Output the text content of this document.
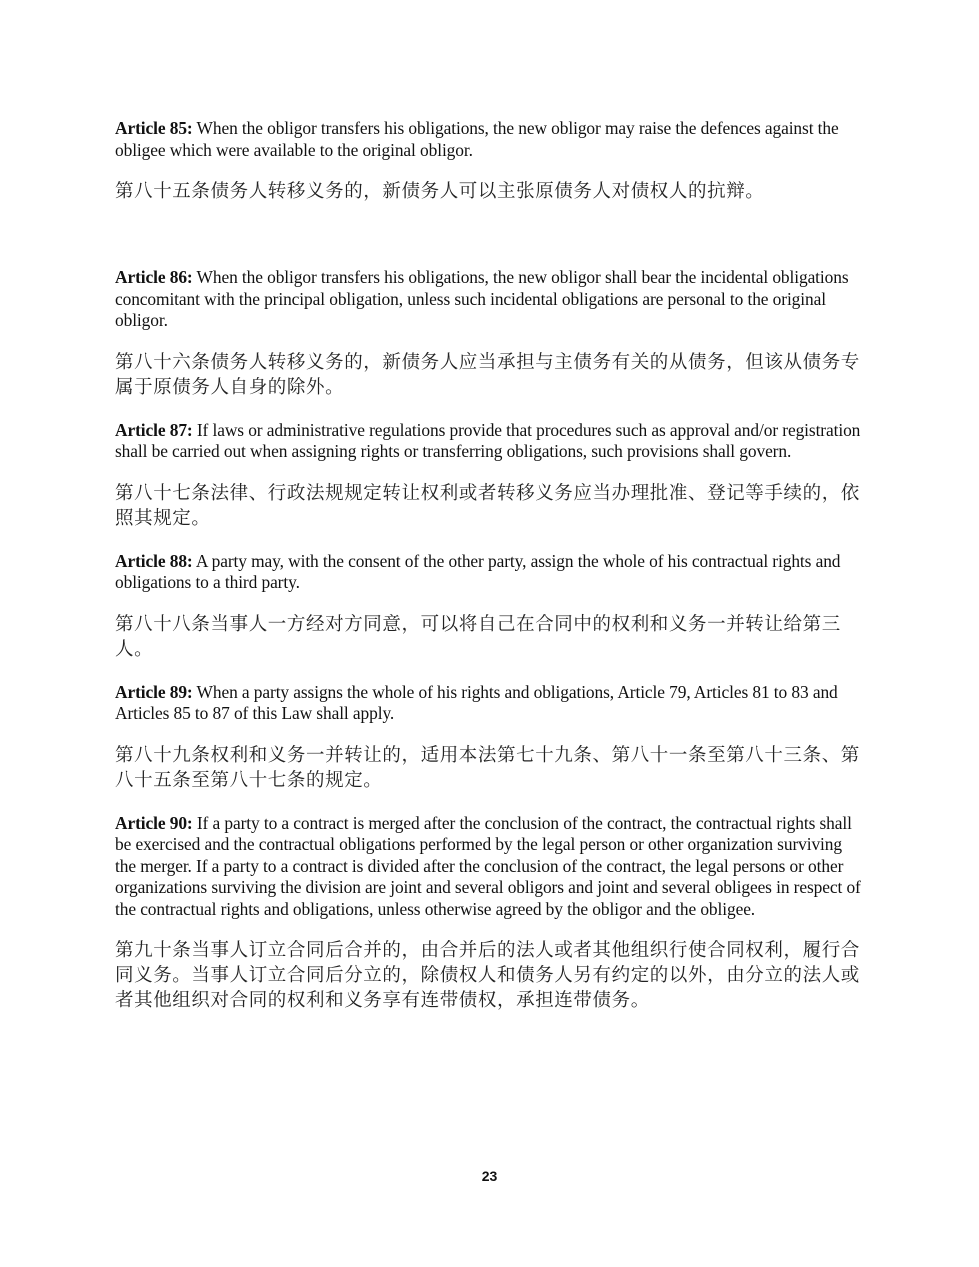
Article 85: When the obligor transfers his obligations, the new obligor may raise the defences against the obligee which were available to the original obligor.

第八十五条债务人转移义务的，新债务人可以主张原债务人对债权人的抗辩。

Article 86: When the obligor transfers his obligations, the new obligor shall bear the incidental obligations concomitant with the principal obligation, unless such incidental obligations are personal to the original obligor.

第八十六条债务人转移义务的，新债务人应当承担与主债务有关的从债务，但该从债务专属于原债务人自身的除外。

Article 87: If laws or administrative regulations provide that procedures such as approval and/or registration shall be carried out when assigning rights or transferring obligations, such provisions shall govern.

第八十七条法律、行政法规规定转让权利或者转移义务应当办理批准、登记等手续的，依照其规定。

Article 88: A party may, with the consent of the other party, assign the whole of his contractual rights and obligations to a third party.

第八十八条当事人一方经对方同意，可以将自己在合同中的权利和义务一并转让给第三人。

Article 89: When a party assigns the whole of his rights and obligations, Article 79, Articles 81 to 83 and Articles 85 to 87 of this Law shall apply.

第八十九条权利和义务一并转让的，适用本法第七十九条、第八十一条至第八十三条、第八十五条至第八十七条的规定。

Article 90: If a party to a contract is merged after the conclusion of the contract, the contractual rights shall be exercised and the contractual obligations performed by the legal person or other organization surviving the merger. If a party to a contract is divided after the conclusion of the contract, the legal persons or other organizations surviving the division are joint and several obligors and joint and several obligees in respect of the contractual rights and obligations, unless otherwise agreed by the obligor and the obligee.

第九十条当事人订立合同后合并的，由合并后的法人或者其他组织行使合同权利，履行合同义务。当事人订立合同后分立的，除债权人和债务人另有约定的以外，由分立的法人或者其他组织对合同的权利和义务享有连带债权，承担连带债务。

23
